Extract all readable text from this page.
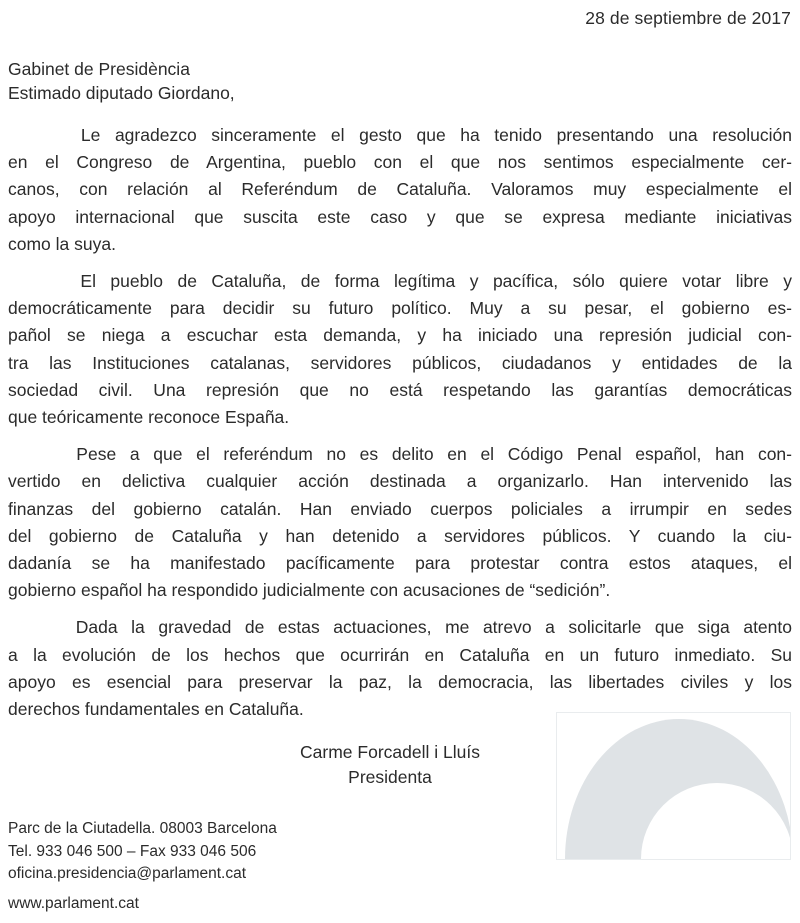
28 de septiembre de 2017
Gabinet de Presidència
Estimado diputado Giordano,
Le agradezco sinceramente el gesto que ha tenido presentando una resolución
en el Congreso de Argentina, pueblo con el que nos sentimos especialmente cer-
canos, con relación al Referéndum de Cataluña. Valoramos muy especialmente el
apoyo internacional que suscita este caso y que se expresa mediante iniciativas
como la suya.
El pueblo de Cataluña, de forma legítima y pacífica, sólo quiere votar libre y
democráticamente para decidir su futuro político. Muy a su pesar, el gobierno es-
pañol se niega a escuchar esta demanda, y ha iniciado una represión judicial con-
tra las Instituciones catalanas, servidores públicos, ciudadanos y entidades de la
sociedad civil. Una represión que no está respetando las garantías democráticas
que teóricamente reconoce España.
Pese a que el referéndum no es delito en el Código Penal español, han con-
vertido en delictiva cualquier acción destinada a organizarlo. Han intervenido las
finanzas del gobierno catalán. Han enviado cuerpos policiales a irrumpir en sedes
del gobierno de Cataluña y han detenido a servidores públicos. Y cuando la ciu-
dadanía se ha manifestado pacíficamente para protestar contra estos ataques, el
gobierno español ha respondido judicialmente con acusaciones de “sedición”.
Dada la gravedad de estas actuaciones, me atrevo a solicitarle que siga atento
a la evolución de los hechos que ocurrirán en Cataluña en un futuro inmediato. Su
apoyo es esencial para preservar la paz, la democracia, las libertades civiles y los
derechos fundamentales en Cataluña.
Carme Forcadell i Lluís
Presidenta
Parc de la Ciutadella. 08003 Barcelona
Tel. 933 046 500 – Fax 933 046 506
oficina.presidencia@parlament.cat
www.parlament.cat
